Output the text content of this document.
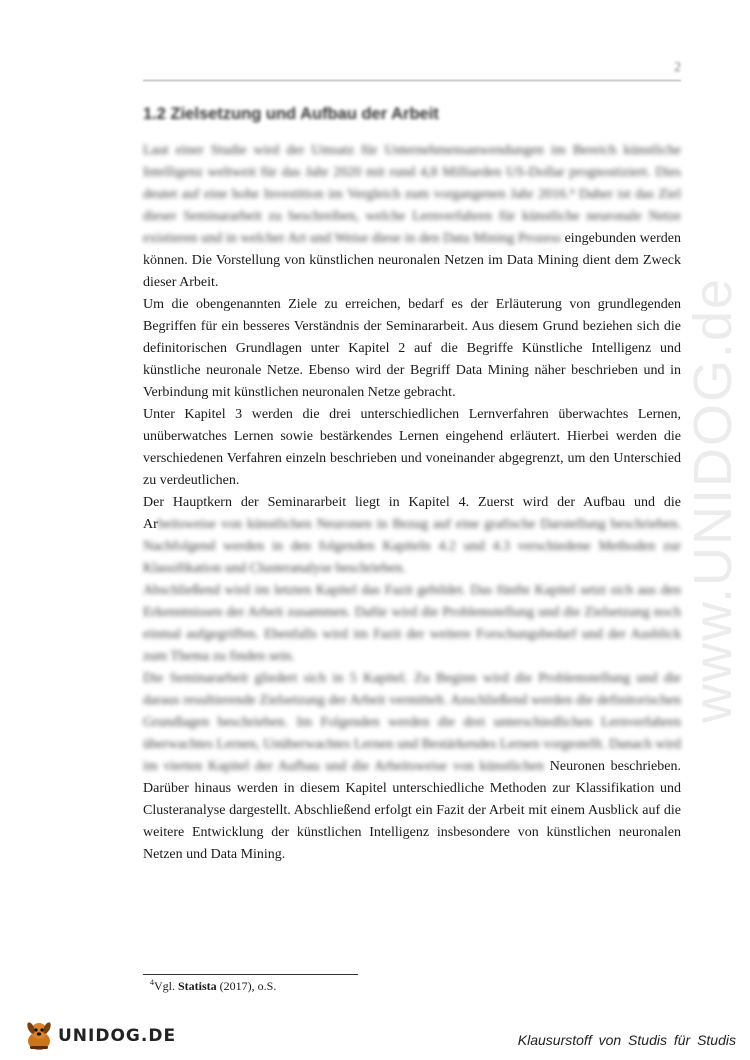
2
1.2 Zielsetzung und Aufbau der Arbeit

Laut einer Studie wird der Umsatz für Unternehmensanwendungen im Bereich künstliche Intelligenz weltweit für das Jahr 2020 mit rund 4,8 Milliarden US-Dollar prognostiziert. Dies deutet auf eine hohe Investition im Vergleich zum vorgangenen Jahr 2016.⁴ Daher ist das Ziel dieser Seminararbeit zu beschreiben, welche Lernverfahren für künstliche neuronale Netze existieren und in welcher Art und Weise diese in den Data Mining Prozess eingebunden werden können. Die Vorstellung von künstlichen neuronalen Netzen im Data Mining dient dem Zweck dieser Arbeit.

Um die obengenannten Ziele zu erreichen, bedarf es der Erläuterung von grundlegenden Begriffen für ein besseres Verständnis der Seminararbeit. Aus diesem Grund beziehen sich die definitorischen Grundlagen unter Kapitel 2 auf die Begriffe Künstliche Intelligenz und künstliche neuronale Netze. Ebenso wird der Begriff Data Mining näher beschrieben und in Verbindung mit künstlichen neuronalen Netze gebracht.

Unter Kapitel 3 werden die drei unterschiedlichen Lernverfahren überwachtes Lernen, unüberwatches Lernen sowie bestärkendes Lernen eingehend erläutert. Hierbei werden die verschiedenen Verfahren einzeln beschrieben und voneinander abgegrenzt, um den Unterschied zu verdeutlichen.

Der Hauptkern der Seminararbeit liegt in Kapitel 4. Zuerst wird der Aufbau und die Arbeitsweise von künstlichen Neuronen in Bezug auf eine grafische Darstellung beschrieben. Nachfolgend werden in den folgenden Kapiteln 4.2 und 4.3 verschiedene Methoden zur Klassifikation und Clusteranalyse beschrieben.

Abschließend wird im letzten Kapitel das Fazit gebildet. Das fünfte Kapitel setzt sich aus den Erkenntnissen der Arbeit zusammen. Dafür wird die Problemstellung und die Zielsetzung noch einmal aufgegriffen. Ebenfalls wird im Fazit der weitere Forschungsbedarf und der Ausblick zum Thema zu finden sein.

Die Seminararbeit gliedert sich in 5 Kapitel. Zu Beginn wird die Problemstellung und die daraus resultierende Zielsetzung der Arbeit vermittelt. Anschließend werden die definitorischen Grundlagen beschrieben. Im Folgenden werden die drei unterschiedlichen Lernverfahren überwachtes Lernen, Unüberwachtes Lernen und Bestärkendes Lernen vorgestellt. Danach wird im vierten Kapitel der Aufbau und die Arbeitsweise von künstlichen Neuronen beschrieben. Darüber hinaus werden in diesem Kapitel unterschiedliche Methoden zur Klassifikation und Clusteranalyse dargestellt. Abschließend erfolgt ein Fazit der Arbeit mit einem Ausblick auf die weitere Entwicklung der künstlichen Intelligenz insbesondere von künstlichen neuronalen Netzen und Data Mining.

$^4$Vgl. Statista (2017), o.S.
www.UNIDOG.de
UNIDOG.DE	Klausurstoff von Studis für Studis
